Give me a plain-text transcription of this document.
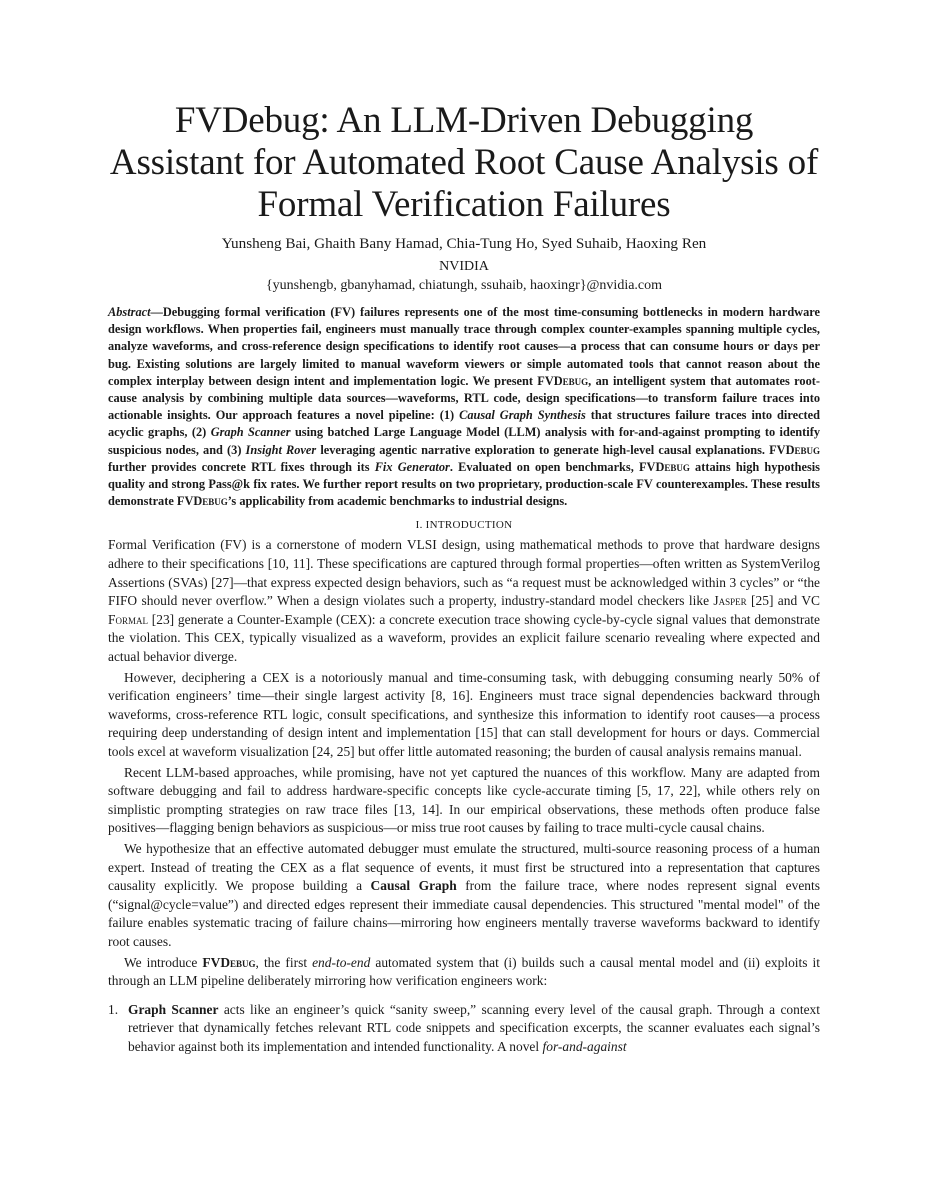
FVDebug: An LLM-Driven Debugging Assistant for Automated Root Cause Analysis of Formal Verification Failures

Yunsheng Bai, Ghaith Bany Hamad, Chia-Tung Ho, Syed Suhaib, Haoxing Ren

NVIDIA

{yunshengb, gbanyhamad, chiatungh, ssuhaib, haoxingr}@nvidia.com

Abstract—Debugging formal verification (FV) failures represents one of the most time-consuming bottlenecks in modern hardware design workflows. When properties fail, engineers must manually trace through complex counter-examples spanning multiple cycles, analyze waveforms, and cross-reference design specifications to identify root causes—a process that can consume hours or days per bug. Existing solutions are largely limited to manual waveform viewers or simple automated tools that cannot reason about the complex interplay between design intent and implementation logic. We present FVDebug, an intelligent system that automates root-cause analysis by combining multiple data sources—waveforms, RTL code, design specifications—to transform failure traces into actionable insights. Our approach features a novel pipeline: (1) Causal Graph Synthesis that structures failure traces into directed acyclic graphs, (2) Graph Scanner using batched Large Language Model (LLM) analysis with for-and-against prompting to identify suspicious nodes, and (3) Insight Rover leveraging agentic narrative exploration to generate high-level causal explanations. FVDebug further provides concrete RTL fixes through its Fix Generator. Evaluated on open benchmarks, FVDebug attains high hypothesis quality and strong Pass@k fix rates. We further report results on two proprietary, production-scale FV counterexamples. These results demonstrate FVDebug’s applicability from academic benchmarks to industrial designs.
I. INTRODUCTION

Formal Verification (FV) is a cornerstone of modern VLSI design, using mathematical methods to prove that hardware designs adhere to their specifications [10, 11]. These specifications are captured through formal properties—often written as SystemVerilog Assertions (SVAs) [27]—that express expected design behaviors, such as “a request must be acknowledged within 3 cycles” or “the FIFO should never overflow.” When a design violates such a property, industry-standard model checkers like Jasper [25] and VC Formal [23] generate a Counter-Example (CEX): a concrete execution trace showing cycle-by-cycle signal values that demonstrate the violation. This CEX, typically visualized as a waveform, provides an explicit failure scenario revealing where expected and actual behavior diverge.

However, deciphering a CEX is a notoriously manual and time-consuming task, with debugging consuming nearly 50% of verification engineers’ time—their single largest activity [8, 16]. Engineers must trace signal dependencies backward through waveforms, cross-reference RTL logic, consult specifications, and synthesize this information to identify root causes—a process requiring deep understanding of design intent and implementation [15] that can stall development for hours or days. Commercial tools excel at waveform visualization [24, 25] but offer little automated reasoning; the burden of causal analysis remains manual.

Recent LLM-based approaches, while promising, have not yet captured the nuances of this workflow. Many are adapted from software debugging and fail to address hardware-specific concepts like cycle-accurate timing [5, 17, 22], while others rely on simplistic prompting strategies on raw trace files [13, 14]. In our empirical observations, these methods often produce false positives—flagging benign behaviors as suspicious—or miss true root causes by failing to trace multi-cycle causal chains.

We hypothesize that an effective automated debugger must emulate the structured, multi-source reasoning process of a human expert. Instead of treating the CEX as a flat sequence of events, it must first be structured into a representation that captures causality explicitly. We propose building a Causal Graph from the failure trace, where nodes represent signal events (“signal@cycle=value”) and directed edges represent their immediate causal dependencies. This structured "mental model" of the failure enables systematic tracing of failure chains—mirroring how engineers mentally traverse waveforms backward to identify root causes.

We introduce FVDebug, the first end-to-end automated system that (i) builds such a causal mental model and (ii) exploits it through an LLM pipeline deliberately mirroring how verification engineers work:

1. Graph Scanner acts like an engineer’s quick “sanity sweep,” scanning every level of the causal graph. Through a context retriever that dynamically fetches relevant RTL code snippets and specification excerpts, the scanner evaluates each signal’s behavior against both its implementation and intended functionality. A novel for-and-against
